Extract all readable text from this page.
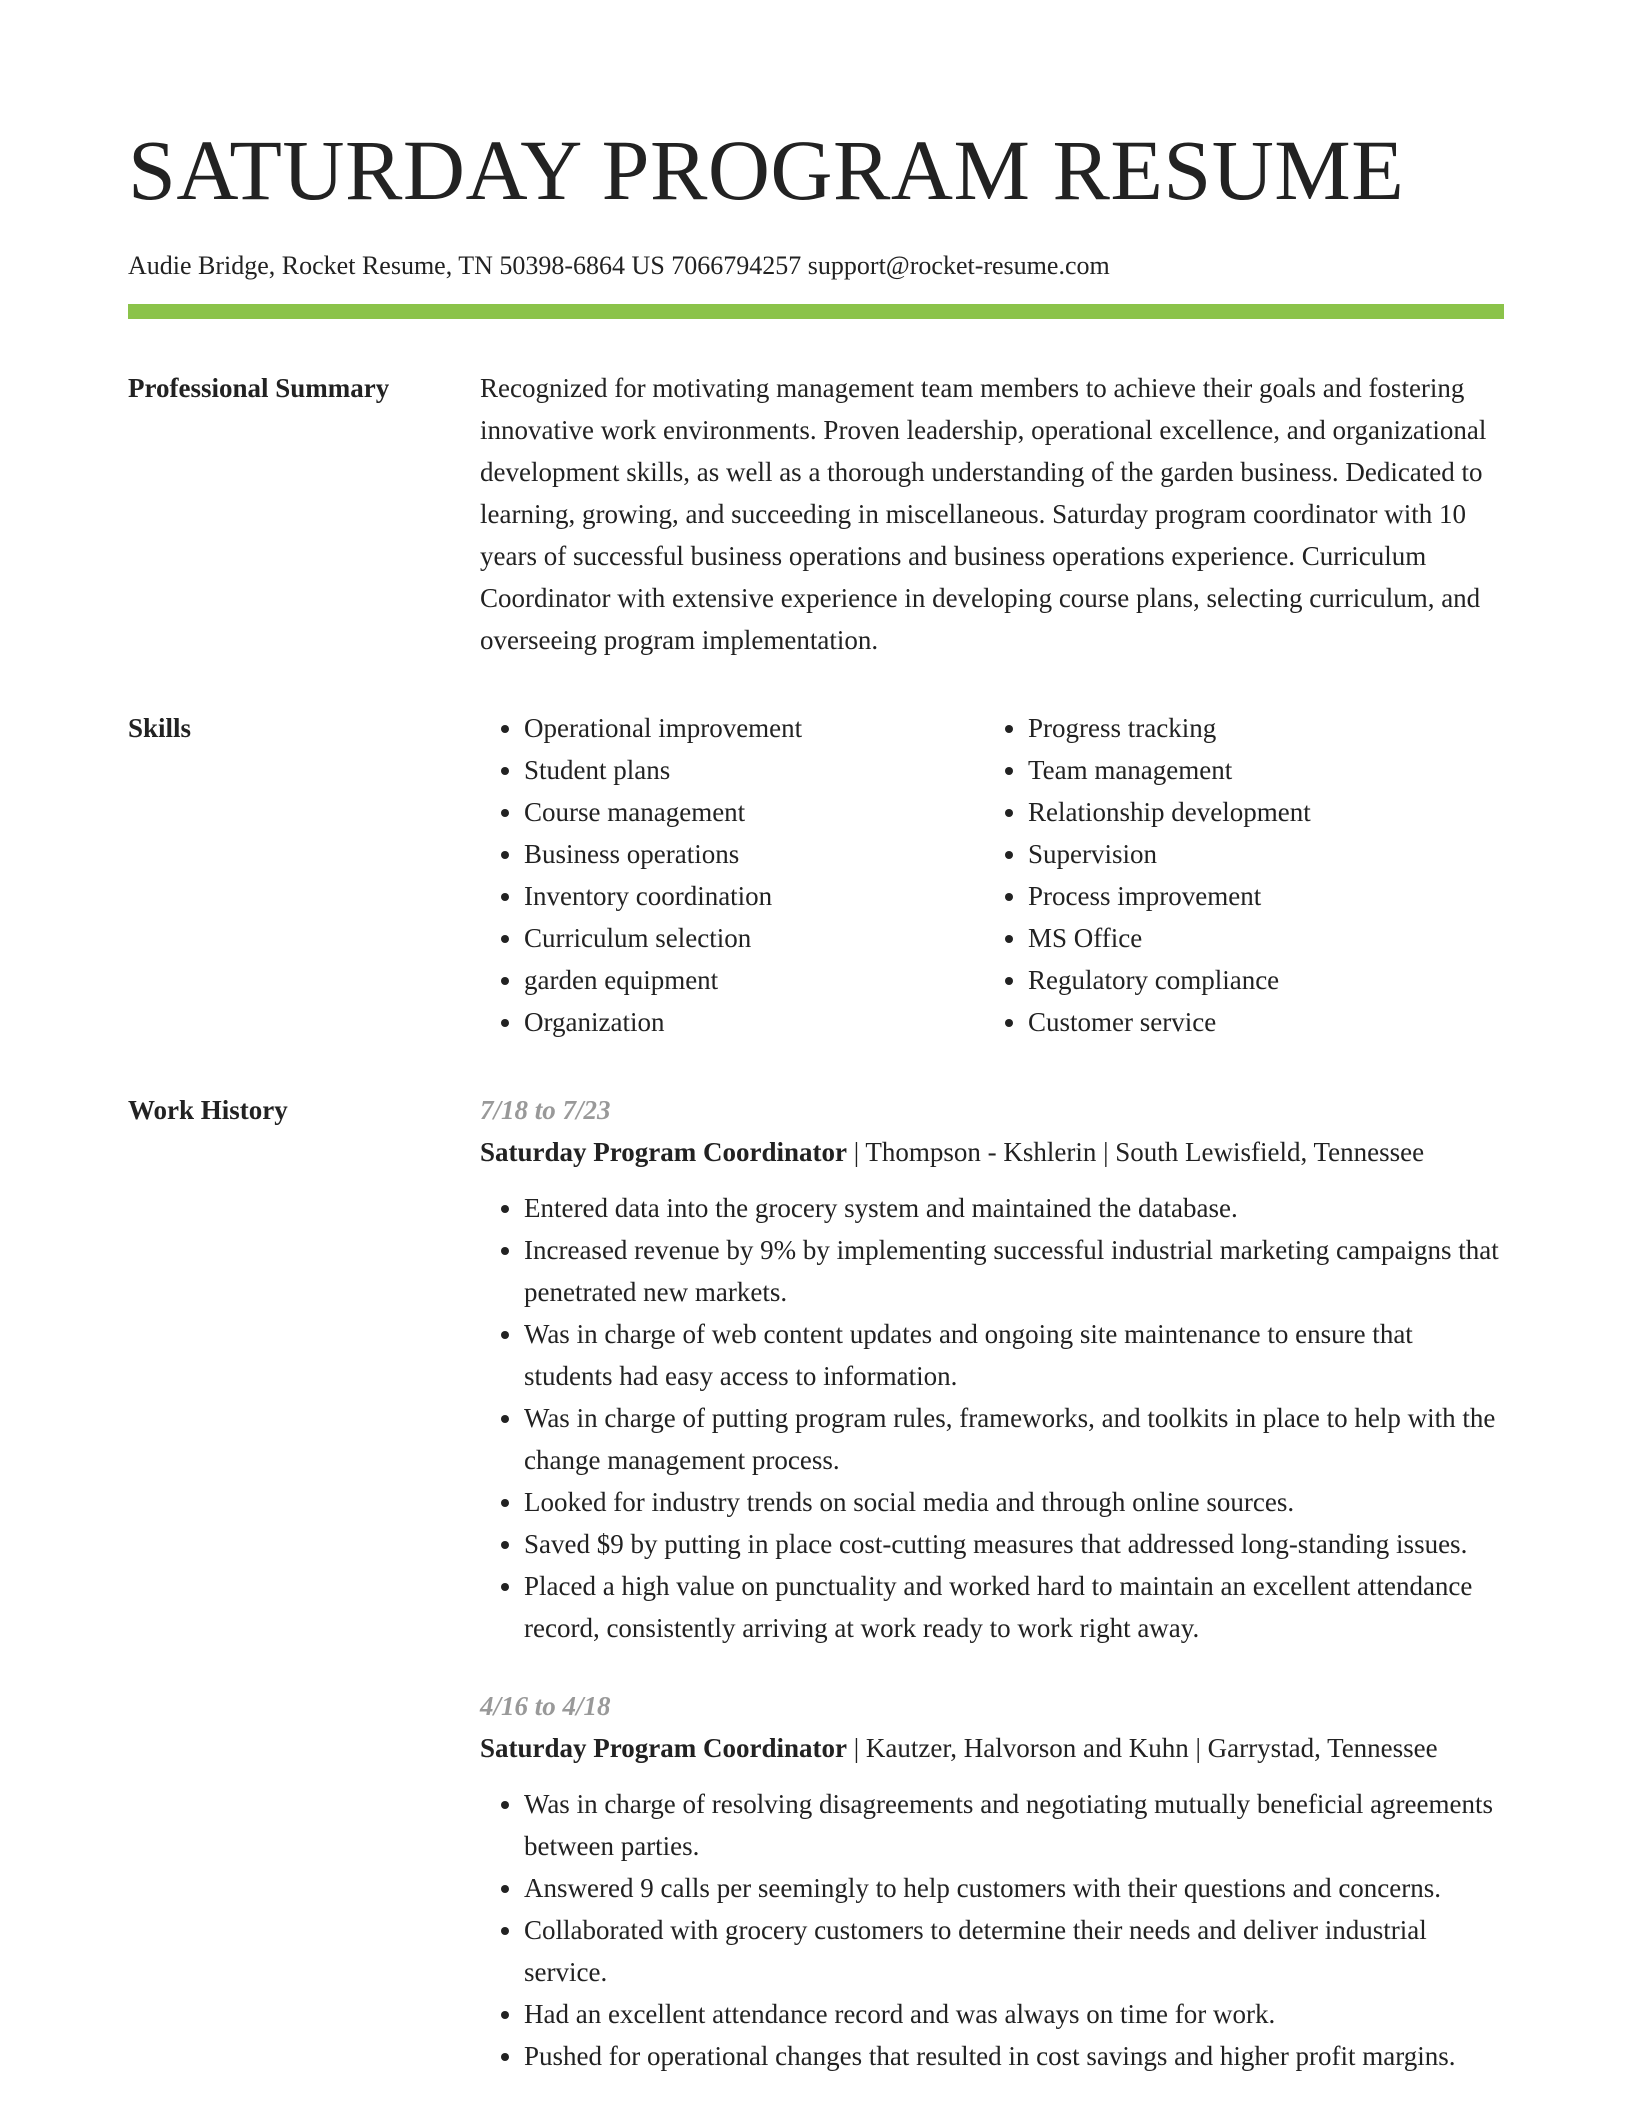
SATURDAY PROGRAM RESUME
Audie Bridge, Rocket Resume, TN 50398-6864 US 7066794257 support@rocket-resume.com
Professional Summary	Recognized for motivating management team members to achieve their goals and fostering innovative work environments. Proven leadership, operational excellence, and organizational development skills, as well as a thorough understanding of the garden business. Dedicated to learning, growing, and succeeding in miscellaneous. Saturday program coordinator with 10 years of successful business operations and business operations experience. Curriculum Coordinator with extensive experience in developing course plans, selecting curriculum, and overseeing program implementation.

Skills
•	Operational improvement
• Student plans
• Course management
• Business operations
• Inventory coordination
• Curriculum selection
• garden equipment
• Organization
• Progress tracking
• Team management
• Relationship development
• Supervision
• Process improvement
• MS Office
• Regulatory compliance
• Customer service
Work History	7/18 to 7/23
Saturday Program Coordinator | Thompson - Kshlerin | South Lewisfield, Tennessee
• Entered data into the grocery system and maintained the database.
• Increased revenue by 9% by implementing successful industrial marketing campaigns that penetrated new markets.
• Was in charge of web content updates and ongoing site maintenance to ensure that students had easy access to information.
• Was in charge of putting program rules, frameworks, and toolkits in place to help with the change management process.
• Looked for industry trends on social media and through online sources.
• Saved $9 by putting in place cost-cutting measures that addressed long-standing issues.
• Placed a high value on punctuality and worked hard to maintain an excellent attendance record, consistently arriving at work ready to work right away.
4/16 to 4/18
Saturday Program Coordinator | Kautzer, Halvorson and Kuhn | Garrystad, Tennessee
• Was in charge of resolving disagreements and negotiating mutually beneficial agreements between parties.
• Answered 9 calls per seemingly to help customers with their questions and concerns.
• Collaborated with grocery customers to determine their needs and deliver industrial service.
• Had an excellent attendance record and was always on time for work.
• Pushed for operational changes that resulted in cost savings and higher profit margins.
